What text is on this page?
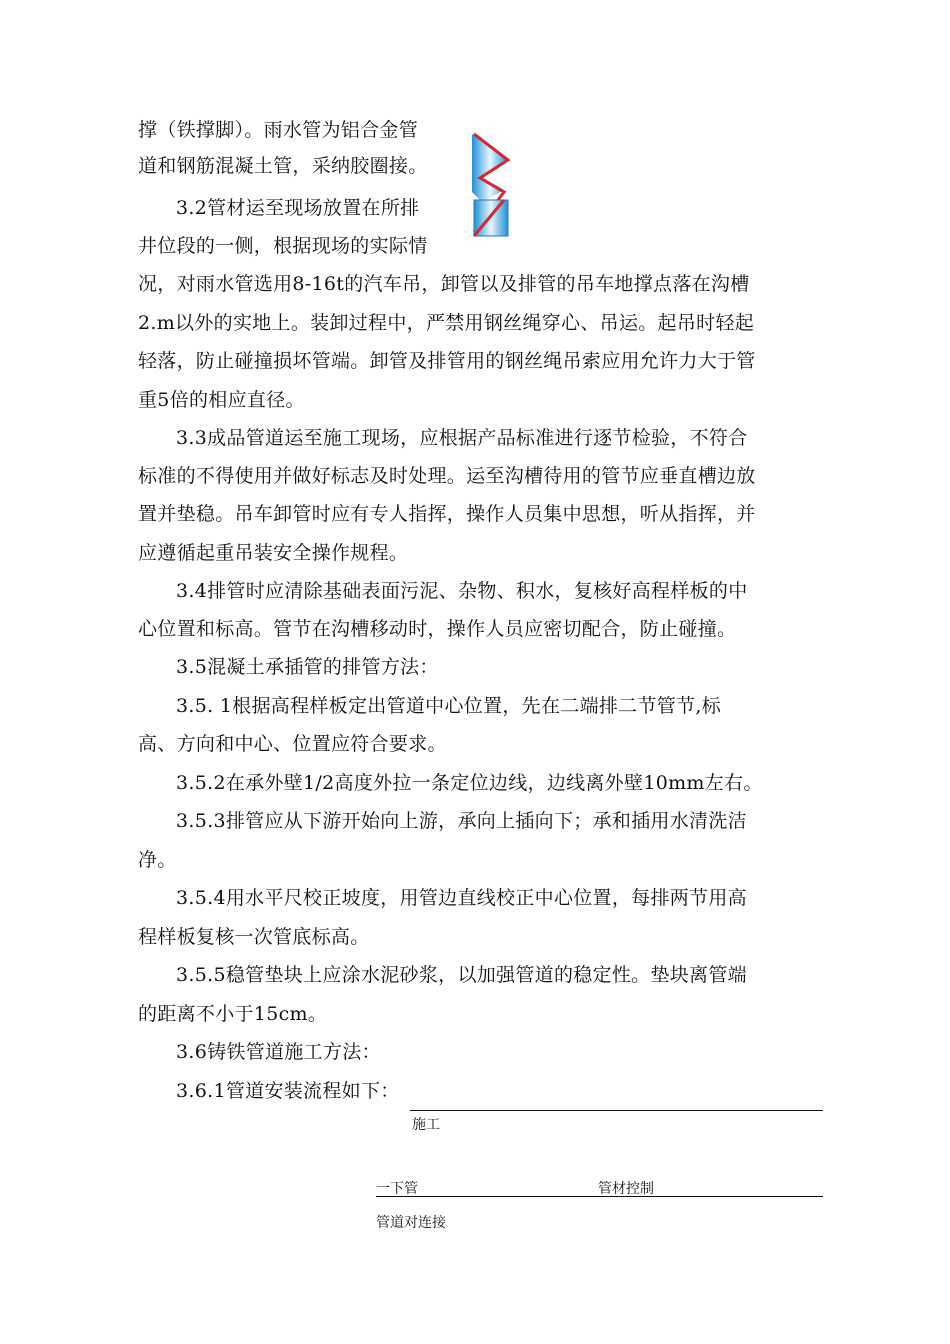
撑（铁撑脚）。雨水管为铝合金管
道和钢筋混凝土管，采纳胶圈接。
3.2管材运至现场放置在所排
井位段的一侧，根据现场的实际情
况，对雨水管选用8-16t的汽车吊，卸管以及排管的吊车地撑点落在沟槽
2.m以外的实地上。装卸过程中，严禁用钢丝绳穿心、吊运。起吊时轻起
轻落，防止碰撞损坏管端。卸管及排管用的钢丝绳吊索应用允许力大于管
重5倍的相应直径。
3.3成品管道运至施工现场，应根据产品标准进行逐节检验，不符合
标准的不得使用并做好标志及时处理。运至沟槽待用的管节应垂直槽边放
置并垫稳。吊车卸管时应有专人指挥，操作人员集中思想，听从指挥，并
应遵循起重吊装安全操作规程。
3.4排管时应清除基础表面污泥、杂物、积水，复核好高程样板的中
心位置和标高。管节在沟槽移动时，操作人员应密切配合，防止碰撞。
3.5混凝土承插管的排管方法：
3.5. 1根据高程样板定出管道中心位置，先在二端排二节管节,标
高、方向和中心、位置应符合要求。
3.5.2在承外壁1/2高度外拉一条定位边线，边线离外壁10mm左右。
3.5.3排管应从下游开始向上游，承向上插向下；承和插用水清洗洁
净。
3.5.4用水平尺校正坡度，用管边直线校正中心位置，每排两节用高
程样板复核一次管底标高。
3.5.5稳管垫块上应涂水泥砂浆，以加强管道的稳定性。垫块离管端
的距离不小于15cm。
3.6铸铁管道施工方法：
3.6.1管道安装流程如下：
施工
一下管	管材控制
管道对连接
